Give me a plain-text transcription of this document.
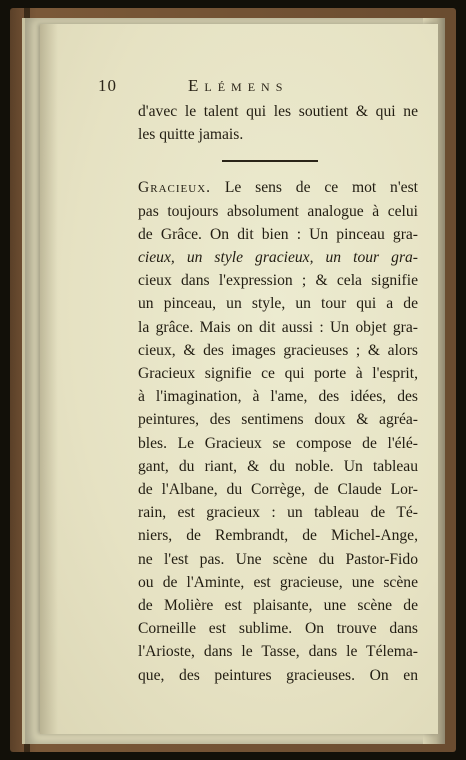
10	Elémens
d'avec le talent qui les soutient & qui ne
les quitte jamais.
Gracieux. Le sens de ce mot n'est
pas toujours absolument analogue à celui
de Grâce. On dit bien : Un pinceau gra-
cieux, un style gracieux, un tour gra-
cieux dans l'expression ; & cela signifie
un pinceau, un style, un tour qui a de
la grâce. Mais on dit aussi : Un objet gra-
cieux, & des images gracieuses ; & alors
Gracieux signifie ce qui porte à l'esprit,
à l'imagination, à l'ame, des idées, des
peintures, des sentimens doux & agréa-
bles. Le Gracieux se compose de l'élé-
gant, du riant, & du noble. Un tableau
de l'Albane, du Corrège, de Claude Lor-
rain, est gracieux : un tableau de Té-
niers, de Rembrandt, de Michel-Ange,
ne l'est pas. Une scène du Pastor-Fido
ou de l'Aminte, est gracieuse, une scène
de Molière est plaisante, une scène de
Corneille est sublime. On trouve dans
l'Arioste, dans le Tasse, dans le Télema-
que, des peintures gracieuses. On en
